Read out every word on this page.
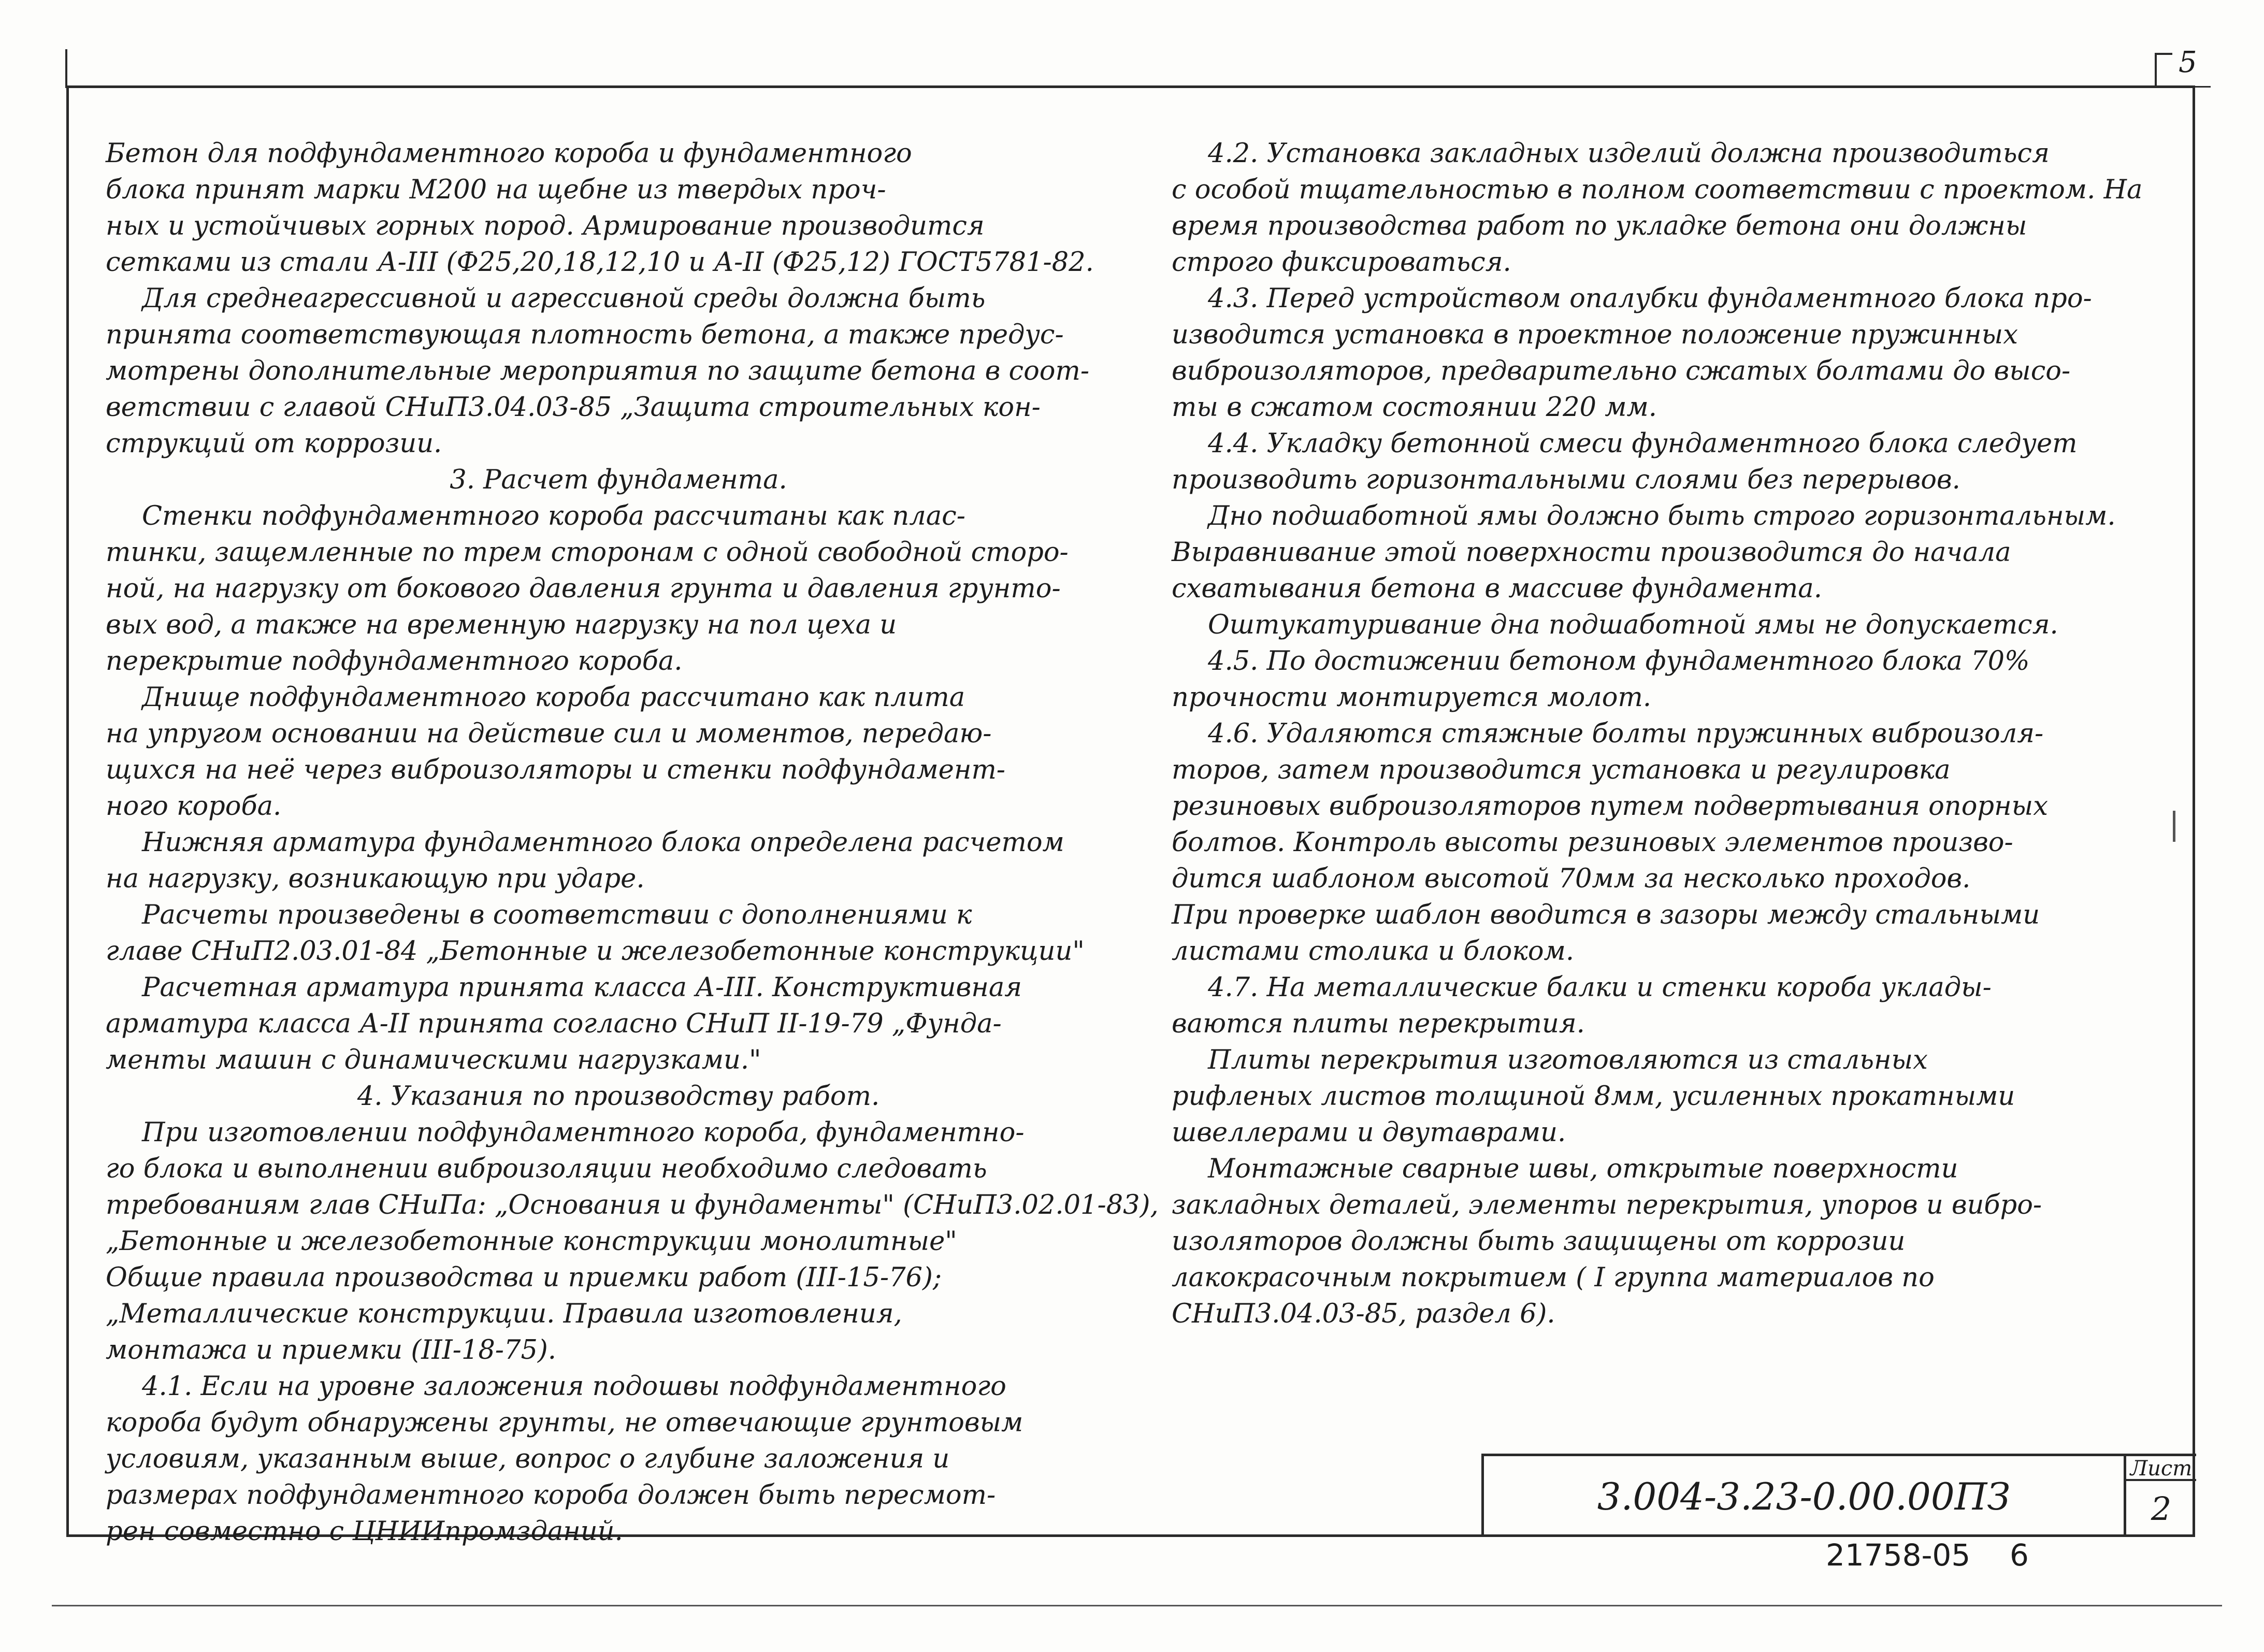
5
Бетон для подфундаментного короба и фундаментного
блока принят марки М200 на щебне из твердых проч-
ных и устойчивых горных пород. Армирование производится
сетками из стали А-III (Ф25,20,18,12,10 и А-II (Ф25,12) ГОСТ5781-82.
Для среднеагрессивной и агрессивной среды должна быть
принята соответствующая плотность бетона, а также предус-
мотрены дополнительные мероприятия по защите бетона в соот-
ветствии с главой СНиП3.04.03-85 „Защита строительных кон-
струкций от коррозии.
3. Расчет фундамента.
Стенки подфундаментного короба рассчитаны как плас-
тинки, защемленные по трем сторонам с одной свободной сторо-
ной, на нагрузку от бокового давления грунта и давления грунто-
вых вод, а также на временную нагрузку на пол цеха и
перекрытие подфундаментного короба.
Днище подфундаментного короба рассчитано как плита
на упругом основании на действие сил и моментов, передаю-
щихся на неё через виброизоляторы и стенки подфундамент-
ного короба.
Нижняя арматура фундаментного блока определена расчетом
на нагрузку, возникающую при ударе.
Расчеты произведены в соответствии с дополнениями к
главе СНиП2.03.01-84 „Бетонные и железобетонные конструкции"
Расчетная арматура принята класса А-III. Конструктивная
арматура класса А-II принята согласно СНиП II-19-79 „Фунда-
менты машин с динамическими нагрузками."
4. Указания по производству работ.
При изготовлении подфундаментного короба, фундаментно-
го блока и выполнении виброизоляции необходимо следовать
требованиям глав СНиПа: „Основания и фундаменты" (СНиП3.02.01-83),
„Бетонные и железобетонные конструкции монолитные"
Общие правила производства и приемки работ (III-15-76);
„Металлические конструкции. Правила изготовления,
монтажа и приемки (III-18-75).
4.1. Если на уровне заложения подошвы подфундаментного
короба будут обнаружены грунты, не отвечающие грунтовым
условиям, указанным выше, вопрос о глубине заложения и
размерах подфундаментного короба должен быть пересмот-
рен совместно с ЦНИИпромзданий.
4.2. Установка закладных изделий должна производиться
с особой тщательностью в полном соответствии с проектом. На
время производства работ по укладке бетона они должны
строго фиксироваться.
4.3. Перед устройством опалубки фундаментного блока про-
изводится установка в проектное положение пружинных
виброизоляторов, предварительно сжатых болтами до высо-
ты в сжатом состоянии 220 мм.
4.4. Укладку бетонной смеси фундаментного блока следует
производить горизонтальными слоями без перерывов.
Дно подшаботной ямы должно быть строго горизонтальным.
Выравнивание этой поверхности производится до начала
схватывания бетона в массиве фундамента.
Оштукатуривание дна подшаботной ямы не допускается.
4.5. По достижении бетоном фундаментного блока 70%
прочности монтируется молот.
4.6. Удаляются стяжные болты пружинных виброизоля-
торов, затем производится установка и регулировка
резиновых виброизоляторов путем подвертывания опорных
болтов. Контроль высоты резиновых элементов произво-
дится шаблоном высотой 70мм за несколько проходов.
При проверке шаблон вводится в зазоры между стальными
листами столика и блоком.
4.7. На металлические балки и стенки короба уклады-
ваются плиты перекрытия.
Плиты перекрытия изготовляются из стальных
рифленых листов толщиной 8мм, усиленных прокатными
швеллерами и двутаврами.
Монтажные сварные швы, открытые поверхности
закладных деталей, элементы перекрытия, упоров и вибро-
изоляторов должны быть защищены от коррозии
лакокрасочным покрытием ( I группа материалов по
СНиП3.04.03-85, раздел 6).
3.004-3.23-0.00.00ПЗ
Лист
2
21758-05 6
